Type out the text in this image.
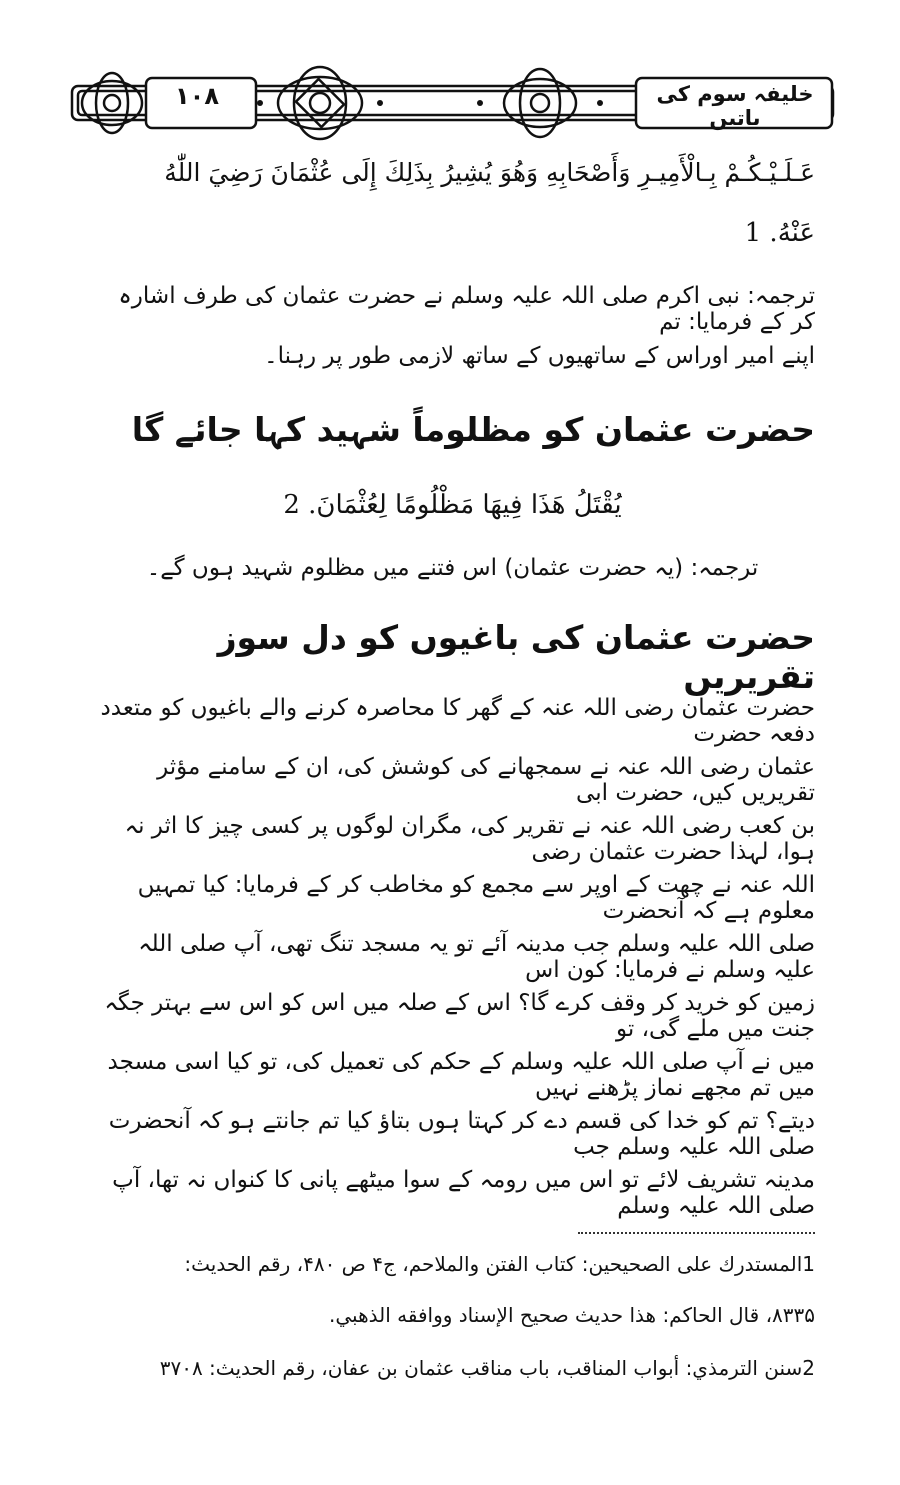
۱۰۸	خلیفہ سوم کی باتیں
عَـلَـيْـكُـمْ بِـالْأَمِيـرِ وَأَصْحَابِهِ وَهُوَ يُشِيرُ بِذَلِكَ إِلَى عُثْمَانَ رَضِيَ اللّٰهُ
عَنْهُ. 1
ترجمہ: نبی اکرم صلی اللہ علیہ وسلم نے حضرت عثمان کی طرف اشارہ کر کے فرمایا: تم
اپنے امیر اوراس کے ساتھیوں کے ساتھ لازمی طور پر رہنا۔
حضرت عثمان کو مظلوماً شہید کہا جائے گا
يُقْتَلُ هَذَا فِيهَا مَظْلُومًا لِعُثْمَانَ. 2
ترجمہ: (یہ حضرت عثمان) اس فتنے میں مظلوم شہید ہوں گے۔
حضرت عثمان کی باغیوں کو دل سوز تقریریں
حضرت عثمان رضی اللہ عنہ کے گھر کا محاصرہ کرنے والے باغیوں کو متعدد دفعہ حضرت
عثمان رضی اللہ عنہ نے سمجھانے کی کوشش کی، ان کے سامنے مؤثر تقریریں کیں، حضرت ابی
بن کعب رضی اللہ عنہ نے تقریر کی، مگران لوگوں پر کسی چیز کا اثر نہ ہوا، لہذا حضرت عثمان رضی
اللہ عنہ نے چھت کے اوپر سے مجمع کو مخاطب کر کے فرمایا: کیا تمہیں معلوم ہے کہ آنحضرت
صلی اللہ علیہ وسلم جب مدینہ آئے تو یہ مسجد تنگ تھی، آپ صلی اللہ علیہ وسلم نے فرمایا: کون اس
زمین کو خرید کر وقف کرے گا؟ اس کے صلہ میں اس کو اس سے بہتر جگہ جنت میں ملے گی، تو
میں نے آپ صلی اللہ علیہ وسلم کے حکم کی تعمیل کی، تو کیا اسی مسجد میں تم مجھے نماز پڑھنے نہیں
دیتے؟ تم کو خدا کی قسم دے کر کہتا ہوں بتاؤ کیا تم جانتے ہو کہ آنحضرت صلی اللہ علیہ وسلم جب
مدینہ تشریف لائے تو اس میں رومہ کے سوا میٹھے پانی کا کنواں نہ تھا، آپ صلی اللہ علیہ وسلم
1المستدرك على الصحيحين: كتاب الفتن والملاحم، ج۴ ص ۴۸۰، رقم الحديث:
۸۳۳۵، قال الحاكم: هذا حديث صحيح الإسناد ووافقه الذهبي.
2سنن الترمذي: أبواب المناقب، باب مناقب عثمان بن عفان، رقم الحديث: ۳۷۰۸
